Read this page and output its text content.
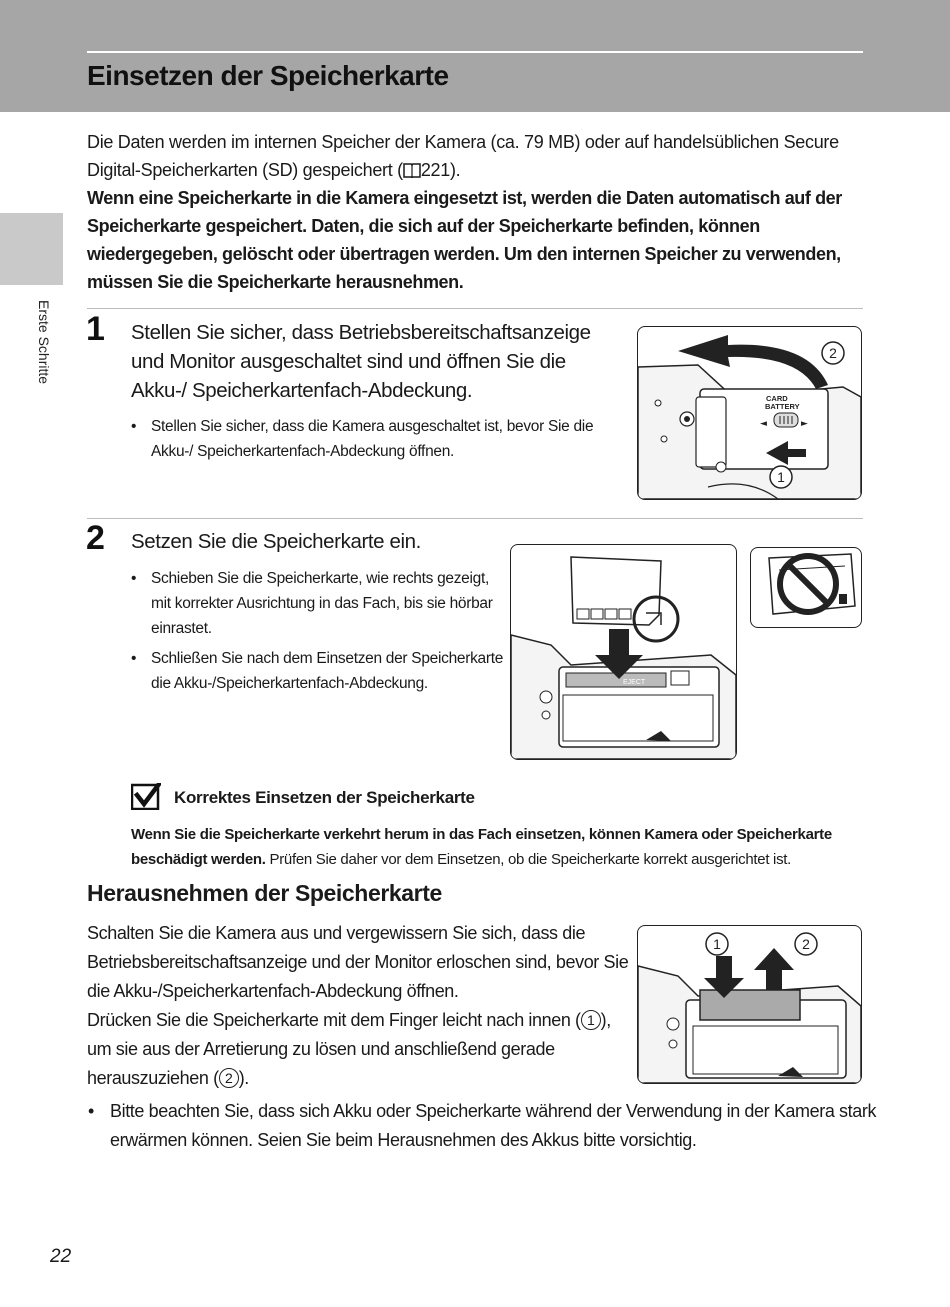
Einsetzen der Speicherkarte
Erste Schritte

Die Daten werden im internen Speicher der Kamera (ca. 79 MB) oder auf handelsüblichen Secure Digital-Speicherkarten (SD) gespeichert ( 221).

Wenn eine Speicherkarte in die Kamera eingesetzt ist, werden die Daten automatisch auf der Speicherkarte gespeichert. Daten, die sich auf der Speicherkarte befinden, können wiedergegeben, gelöscht oder übertragen werden. Um den internen Speicher zu verwenden, müssen Sie die Speicherkarte herausnehmen.

1 Stellen Sie sicher, dass Betriebsbereitschaftsanzeige und Monitor ausgeschaltet sind und öffnen Sie die Akku-/ Speicherkartenfach-Abdeckung.

• Stellen Sie sicher, dass die Kamera ausgeschaltet ist, bevor Sie die Akku-/ Speicherkartenfach-Abdeckung öffnen.

CARD
BATTERY
◄	►
2
1
2 Setzen Sie die Speicherkarte ein.

• Schieben Sie die Speicherkarte, wie rechts gezeigt, mit korrekter Ausrichtung in das Fach, bis sie hörbar einrastet.

• Schließen Sie nach dem Einsetzen der Speicherkarte die Akku-/Speicherkartenfach-Abdeckung.	EJECT
Korrektes Einsetzen der Speicherkarte

Wenn Sie die Speicherkarte verkehrt herum in das Fach einsetzen, können Kamera oder Speicherkarte beschädigt werden. Prüfen Sie daher vor dem Einsetzen, ob die Speicherkarte korrekt ausgerichtet ist.

Herausnehmen der Speicherkarte

Schalten Sie die Kamera aus und vergewissern Sie sich, dass die Betriebsbereitschaftsanzeige und der Monitor erloschen sind, bevor Sie die Akku-/Speicherkartenfach-Abdeckung öffnen.

Drücken Sie die Speicherkarte mit dem Finger leicht nach innen ( 1 ), um sie aus der Arretierung zu lösen und anschließend gerade herauszuziehen ( 2 ).

• Bitte beachten Sie, dass sich Akku oder Speicherkarte während der Verwendung in der Kamera stark erwärmen können. Seien Sie beim Herausnehmen des Akkus bitte vorsichtig.

1	2
22
